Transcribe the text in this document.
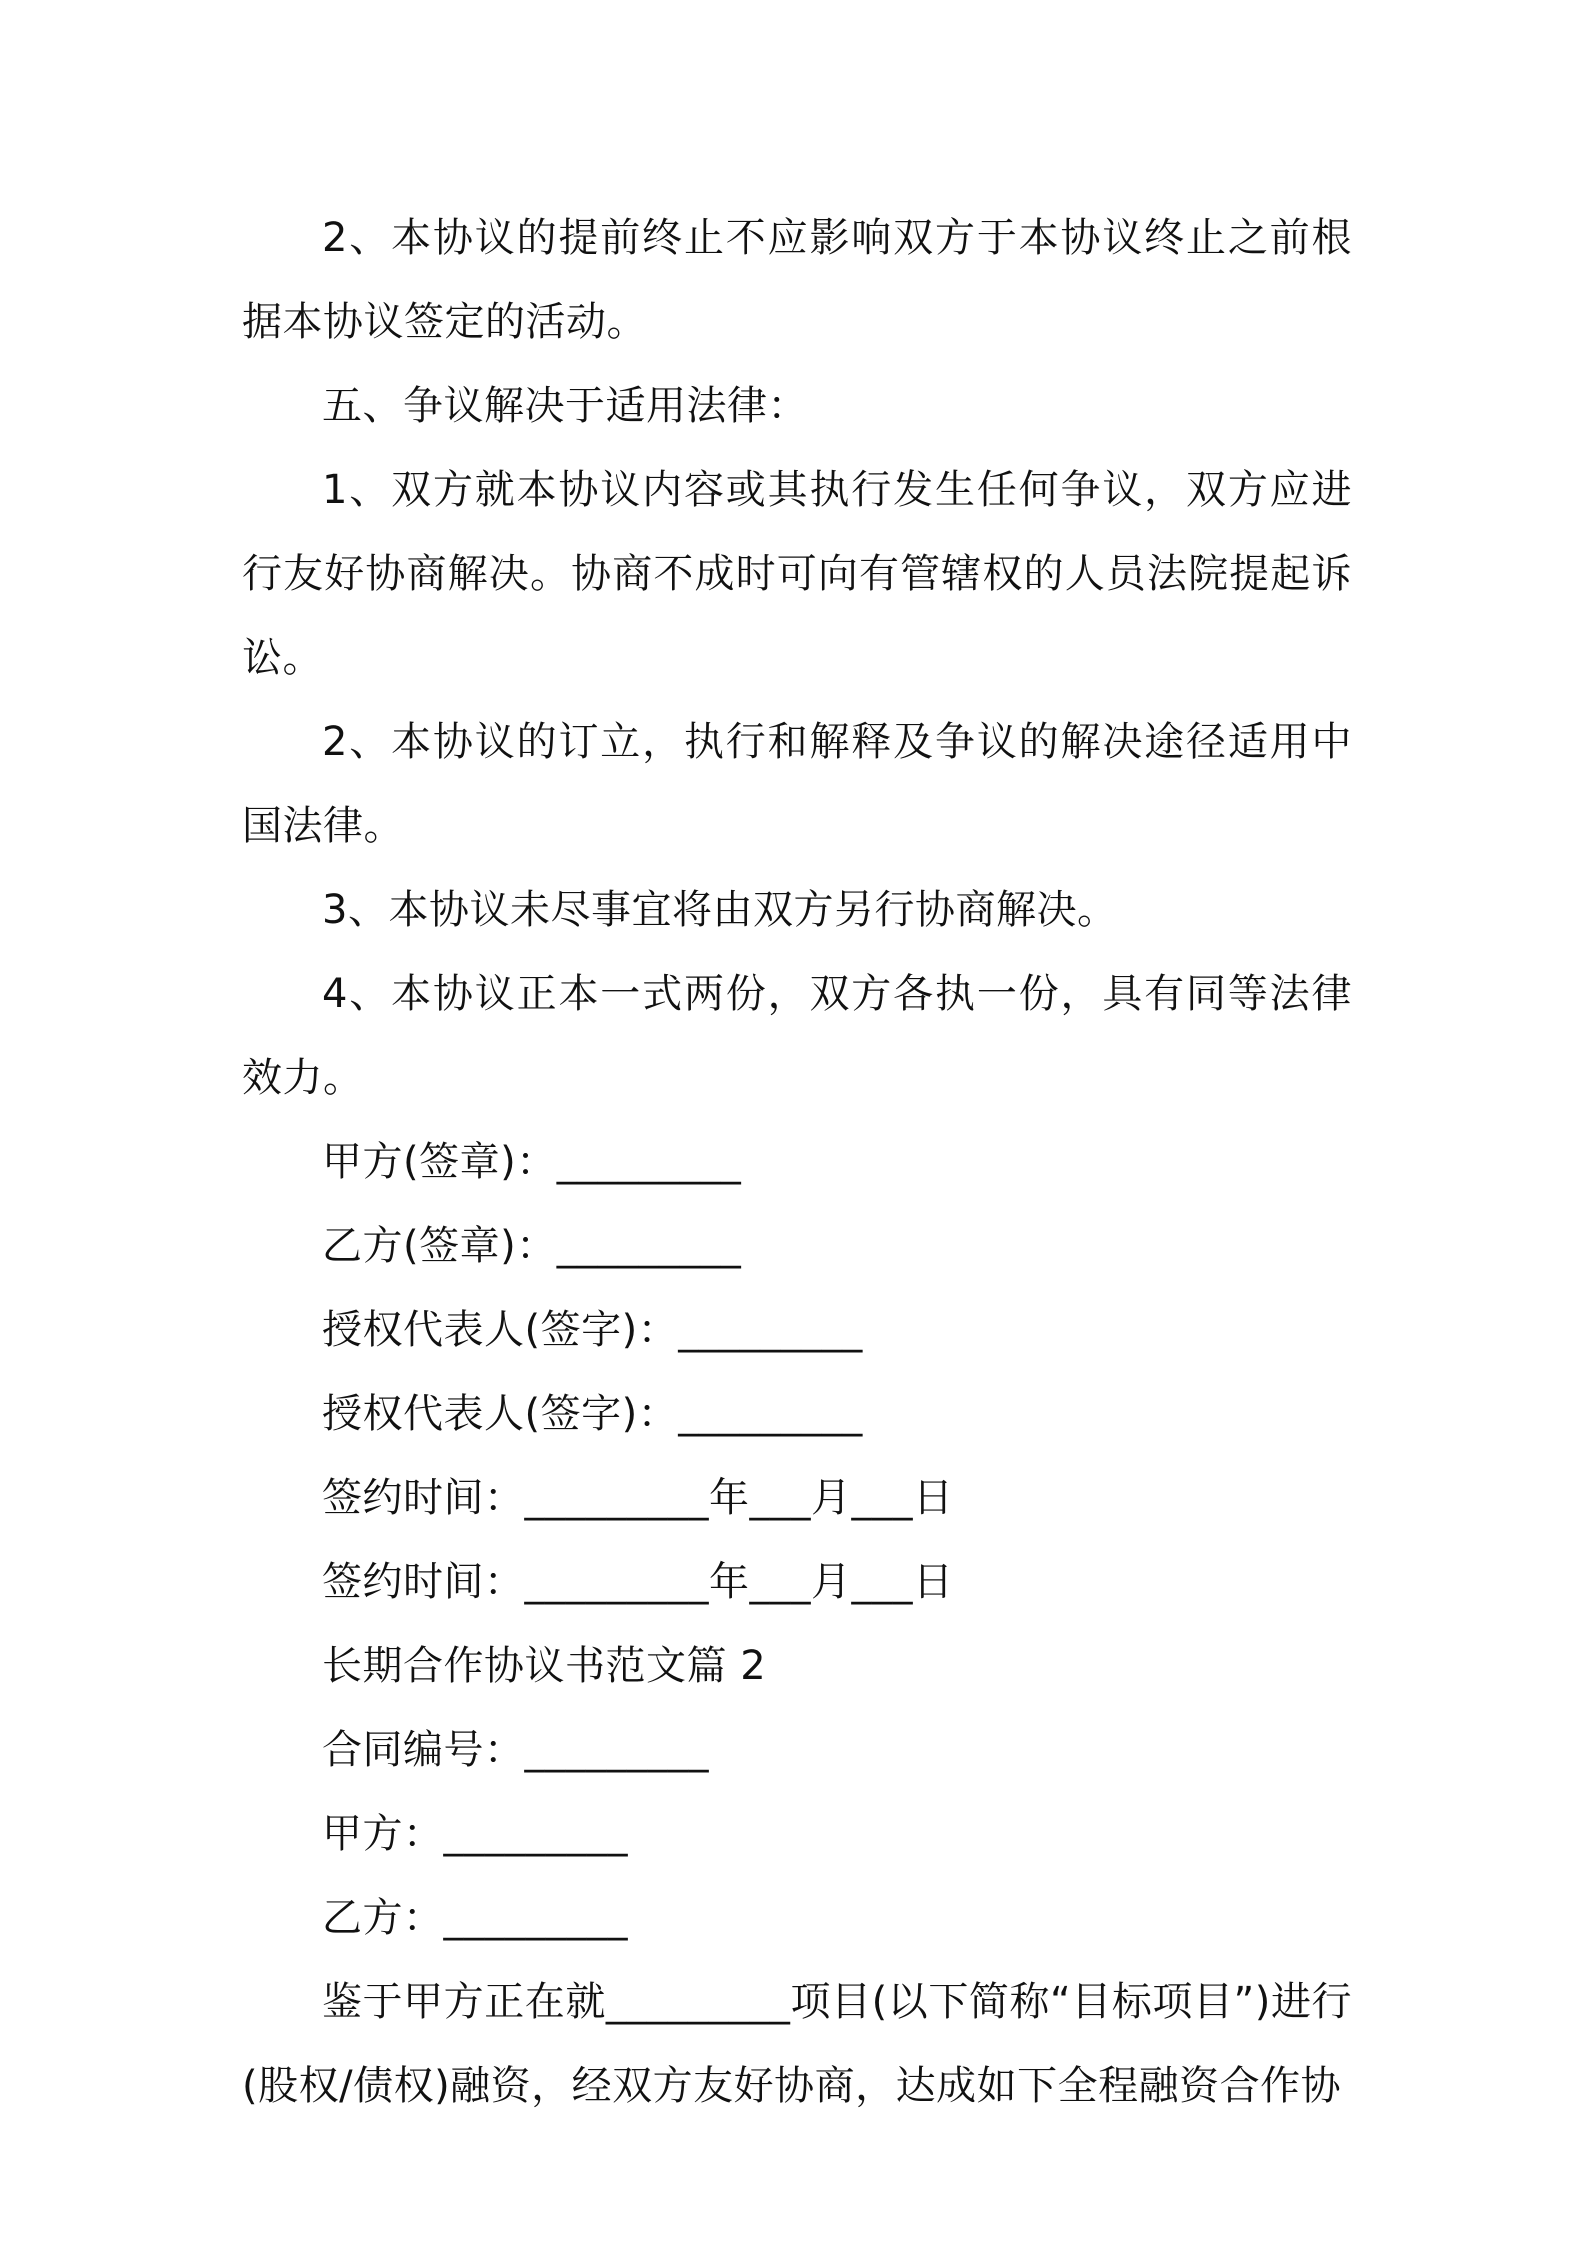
2、本协议的提前终止不应影响双方于本协议终止之前根据本协议签定的活动。

五、争议解决于适用法律：

1、双方就本协议内容或其执行发生任何争议，双方应进行友好协商解决。协商不成时可向有管辖权的人员法院提起诉讼。

2、本协议的订立，执行和解释及争议的解决途径适用中国法律。

3、本协议未尽事宜将由双方另行协商解决。

4、本协议正本一式两份，双方各执一份，具有同等法律效力。

甲方(签章)：_________

乙方(签章)：_________

授权代表人(签字)：_________

授权代表人(签字)：_________

签约时间：_________年___月___日

签约时间：_________年___月___日

长期合作协议书范文篇 2

合同编号：_________

甲方：_________

乙方：_________

鉴于甲方正在就_________项目(以下简称“目标项目”)进行(股权/债权)融资，经双方友好协商，达成如下全程融资合作协
